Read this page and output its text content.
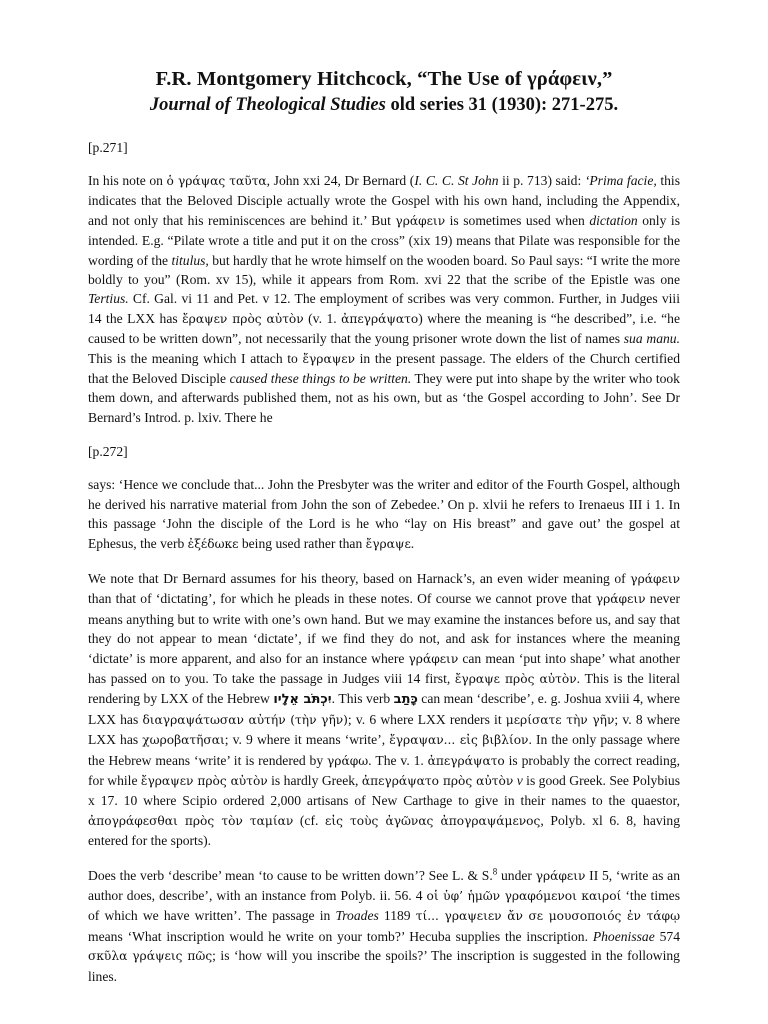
F.R. Montgomery Hitchcock, “The Use of γράφειν,”
Journal of Theological Studies old series 31 (1930): 271-275.
[p.271]

In his note on ὁ γράψας ταῦτα, John xxi 24, Dr Bernard (I. C. C. St John ii p. 713) said: ‘Prima facie, this indicates that the Beloved Disciple actually wrote the Gospel with his own hand, including the Appendix, and not only that his reminiscences are behind it.’ But γράφειν is sometimes used when dictation only is intended. E.g. “Pilate wrote a title and put it on the cross” (xix 19) means that Pilate was responsible for the wording of the titulus, but hardly that he wrote himself on the wooden board. So Paul says: “I write the more boldly to you” (Rom. xv 15), while it appears from Rom. xvi 22 that the scribe of the Epistle was one Tertius. Cf. Gal. vi 11 and Pet. v 12. The employment of scribes was very common. Further, in Judges viii 14 the LXX has ἔραψεν πρὸς αὐτὸν (v. 1. ἀπεγράψατο) where the meaning is “he described”, i.e. “he caused to be written down”, not necessarily that the young prisoner wrote down the list of names sua manu. This is the meaning which I attach to ἔγραψεν in the present passage. The elders of the Church certified that the Beloved Disciple caused these things to be written. They were put into shape by the writer who took them down, and afterwards published them, not as his own, but as ‘the Gospel according to John’. See Dr Bernard’s Introd. p. lxiv. There he

[p.272]

says: ‘Hence we conclude that... John the Presbyter was the writer and editor of the Fourth Gospel, although he derived his narrative material from John the son of Zebedee.’ On p. xlvii he refers to Irenaeus III i 1. In this passage ‘John the disciple of the Lord is he who “lay on His breast” and gave out’ the gospel at Ephesus, the verb ἐξέδωκε being used rather than ἔγραψε.

We note that Dr Bernard assumes for his theory, based on Harnack’s, an even wider meaning of γράφειν than that of ‘dictating’, for which he pleads in these notes. Of course we cannot prove that γράφειν never means anything but to write with one’s own hand. But we may examine the instances before us, and say that they do not appear to mean ‘dictate’, if we find they do not, and ask for instances where the meaning ‘dictate’ is more apparent, and also for an instance where γράφειν can mean ‘put into shape’ what another has passed on to you. To take the passage in Judges viii 14 first, ἔγραψε πρὸς αὐτὸν. This is the literal rendering by LXX of the Hebrew יִכְתֹּב אֵלָיו. This verb כָּתַב can mean ‘describe’, e. g. Joshua xviii 4, where LXX has διαγραψάτωσαν αὐτήν (τὴν γῆν); v. 6 where LXX renders it μερίσατε τὴν γῆν; v. 8 where LXX has χωροβατῆσαι; v. 9 where it means ‘write’, ἔγραψαν... εἰς βιβλίον. In the only passage where the Hebrew means ‘write’ it is rendered by γράφω. The v. 1. ἀπεγράψατο is probably the correct reading, for while ἔγραψεν πρὸς αὐτὸν is hardly Greek, ἀπεγράψατο πρὸς αὐτὸν v is good Greek. See Polybius x 17. 10 where Scipio ordered 2,000 artisans of New Carthage to give in their names to the quaestor, ἀπογράφεσθαι πρὸς τὸν ταμίαν (cf. εἰς τοὺς ἀγῶνας ἀπογραψάμενος, Polyb. xl 6. 8, having entered for the sports).

Does the verb ‘describe’ mean ‘to cause to be written down’? See L. & S.$^8$ under γράφειν II 5, ‘write as an author does, describe’, with an instance from Polyb. ii. 56. 4 οἱ ὑφ’ ἡμῶν γραφόμενοι καιροί ‘the times of which we have written’. The passage in Troades 1189 τί... γραψειεν ἄν σε μουσοποιός ἐν τάφῳ means ‘What inscription would he write on your tomb?’ Hecuba supplies the inscription. Phoenissae 574 σκῦλα γράψεις πῶς; is ‘how will you inscribe the spoils?’ The inscription is suggested in the following lines.
